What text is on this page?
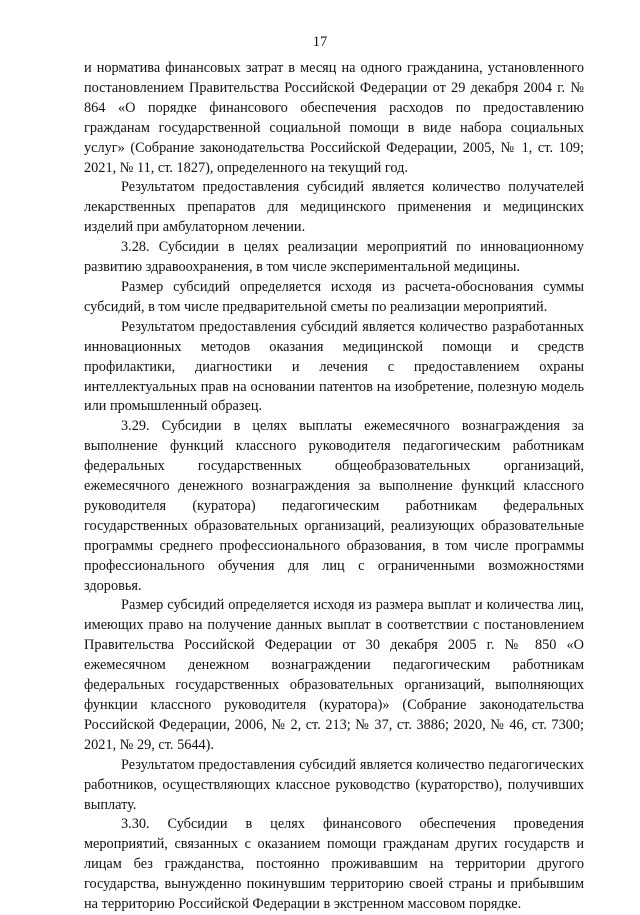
17

и норматива финансовых затрат в месяц на одного гражданина, установленного постановлением Правительства Российской Федерации от 29 декабря 2004 г. № 864 «О порядке финансового обеспечения расходов по предоставлению гражданам государственной социальной помощи в виде набора социальных услуг» (Собрание законодательства Российской Федерации, 2005, № 1, ст. 109; 2021, № 11, ст. 1827), определенного на текущий год.

Результатом предоставления субсидий является количество получателей лекарственных препаратов для медицинского применения и медицинских изделий при амбулаторном лечении.

3.28. Субсидии в целях реализации мероприятий по инновационному развитию здравоохранения, в том числе экспериментальной медицины.

Размер субсидий определяется исходя из расчета-обоснования суммы субсидий, в том числе предварительной сметы по реализации мероприятий.

Результатом предоставления субсидий является количество разработанных инновационных методов оказания медицинской помощи и средств профилактики, диагностики и лечения с предоставлением охраны интеллектуальных прав на основании патентов на изобретение, полезную модель или промышленный образец.

3.29. Субсидии в целях выплаты ежемесячного вознаграждения за выполнение функций классного руководителя педагогическим работникам федеральных государственных общеобразовательных организаций, ежемесячного денежного вознаграждения за выполнение функций классного руководителя (куратора) педагогическим работникам федеральных государственных образовательных организаций, реализующих образовательные программы среднего профессионального образования, в том числе программы профессионального обучения для лиц с ограниченными возможностями здоровья.

Размер субсидий определяется исходя из размера выплат и количества лиц, имеющих право на получение данных выплат в соответствии с постановлением Правительства Российской Федерации от 30 декабря 2005 г. № 850 «О ежемесячном денежном вознаграждении педагогическим работникам федеральных государственных образовательных организаций, выполняющих функции классного руководителя (куратора)» (Собрание законодательства Российской Федерации, 2006, № 2, ст. 213; № 37, ст. 3886; 2020, № 46, ст. 7300; 2021, № 29, ст. 5644).

Результатом предоставления субсидий является количество педагогических работников, осуществляющих классное руководство (кураторство), получивших выплату.

3.30. Субсидии в целях финансового обеспечения проведения мероприятий, связанных с оказанием помощи гражданам других государств и лицам без гражданства, постоянно проживавшим на территории другого государства, вынужденно покинувшим территорию своей страны и прибывшим на территорию Российской Федерации в экстренном массовом порядке.
